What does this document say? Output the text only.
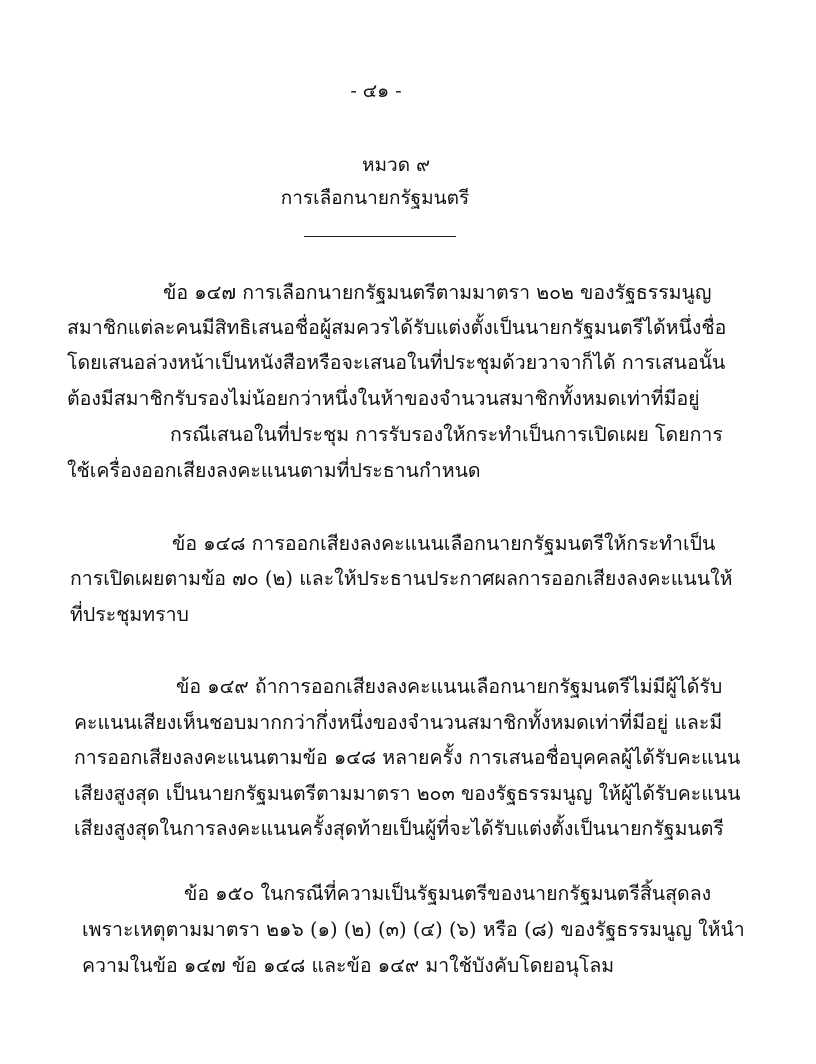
- ๔๑ -
หมวด ๙
การเลือกนายกรัฐมนตรี
ข้อ ๑๔๗ การเลือกนายกรัฐมนตรีตามมาตรา ๒๐๒ ของรัฐธรรมนูญ
สมาชิกแต่ละคนมีสิทธิเสนอชื่อผู้สมควรได้รับแต่งตั้งเป็นนายกรัฐมนตรีได้หนึ่งชื่อ
โดยเสนอล่วงหน้าเป็นหนังสือหรือจะเสนอในที่ประชุมด้วยวาจาก็ได้ การเสนอนั้น
ต้องมีสมาชิกรับรองไม่น้อยกว่าหนึ่งในห้าของจำนวนสมาชิกทั้งหมดเท่าที่มีอยู่
กรณีเสนอในที่ประชุม การรับรองให้กระทำเป็นการเปิดเผย โดยการ
ใช้เครื่องออกเสียงลงคะแนนตามที่ประธานกำหนด
ข้อ ๑๔๘ การออกเสียงลงคะแนนเลือกนายกรัฐมนตรีให้กระทำเป็น
การเปิดเผยตามข้อ ๗๐ (๒) และให้ประธานประกาศผลการออกเสียงลงคะแนนให้
ที่ประชุมทราบ
ข้อ ๑๔๙ ถ้าการออกเสียงลงคะแนนเลือกนายกรัฐมนตรีไม่มีผู้ได้รับ
คะแนนเสียงเห็นชอบมากกว่ากึ่งหนึ่งของจำนวนสมาชิกทั้งหมดเท่าที่มีอยู่ และมี
การออกเสียงลงคะแนนตามข้อ ๑๔๘ หลายครั้ง การเสนอชื่อบุคคลผู้ได้รับคะแนน
เสียงสูงสุด เป็นนายกรัฐมนตรีตามมาตรา ๒๐๓ ของรัฐธรรมนูญ ให้ผู้ได้รับคะแนน
เสียงสูงสุดในการลงคะแนนครั้งสุดท้ายเป็นผู้ที่จะได้รับแต่งตั้งเป็นนายกรัฐมนตรี
ข้อ ๑๕๐ ในกรณีที่ความเป็นรัฐมนตรีของนายกรัฐมนตรีสิ้นสุดลง
เพราะเหตุตามมาตรา ๒๑๖ (๑) (๒) (๓) (๔) (๖) หรือ (๘) ของรัฐธรรมนูญ ให้นำ
ความในข้อ ๑๔๗ ข้อ ๑๔๘ และข้อ ๑๔๙ มาใช้บังคับโดยอนุโลม
